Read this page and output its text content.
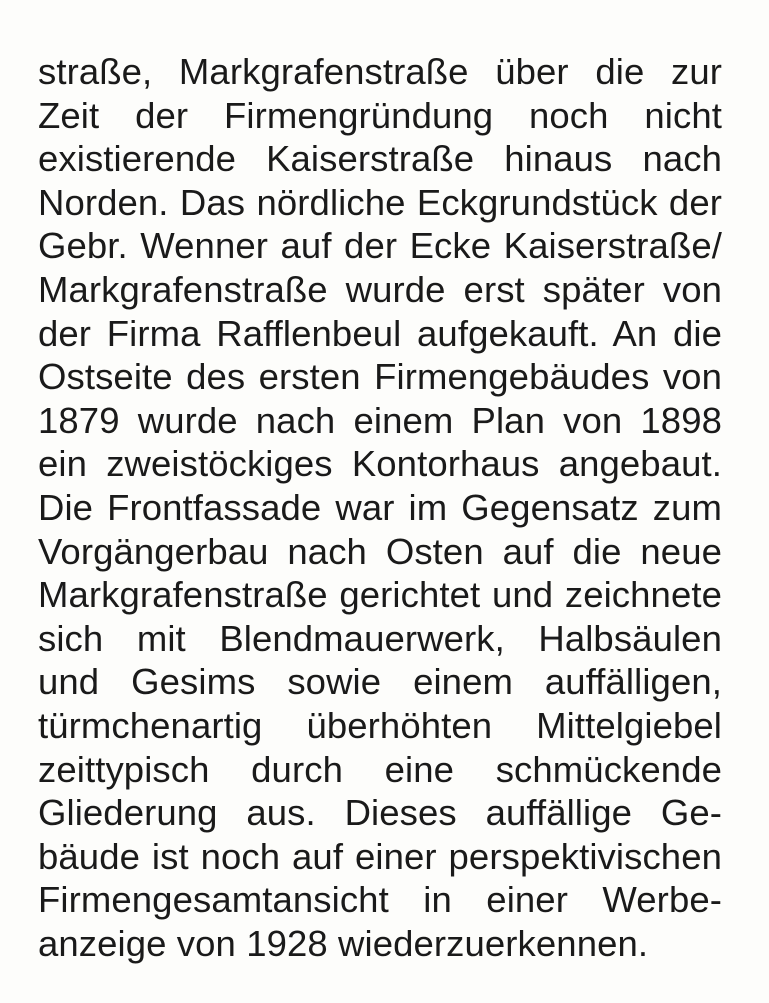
straße, Markgrafenstraße über die zur
Zeit der Firmengründung noch nicht
existierende Kaiserstraße hinaus nach
Norden. Das nördliche Eckgrundstück der
Gebr. Wenner auf der Ecke Kaiserstraße/
Markgrafenstraße wurde erst später von
der Firma Rafflenbeul aufgekauft. An die
Ostseite des ersten Firmengebäudes von
1879 wurde nach einem Plan von 1898
ein zweistöckiges Kontorhaus angebaut.
Die Frontfassade war im Gegensatz zum
Vorgängerbau nach Osten auf die neue
Markgrafenstraße gerichtet und zeichnete
sich mit Blendmauerwerk, Halbsäulen
und Gesims sowie einem auffälligen,
türmchenartig überhöhten Mittelgiebel
zeittypisch durch eine schmückende
Gliederung aus. Dieses auffällige Ge-
bäude ist noch auf einer perspektivischen
Firmengesamtansicht in einer Werbe-
anzeige von 1928 wiederzuerkennen.
